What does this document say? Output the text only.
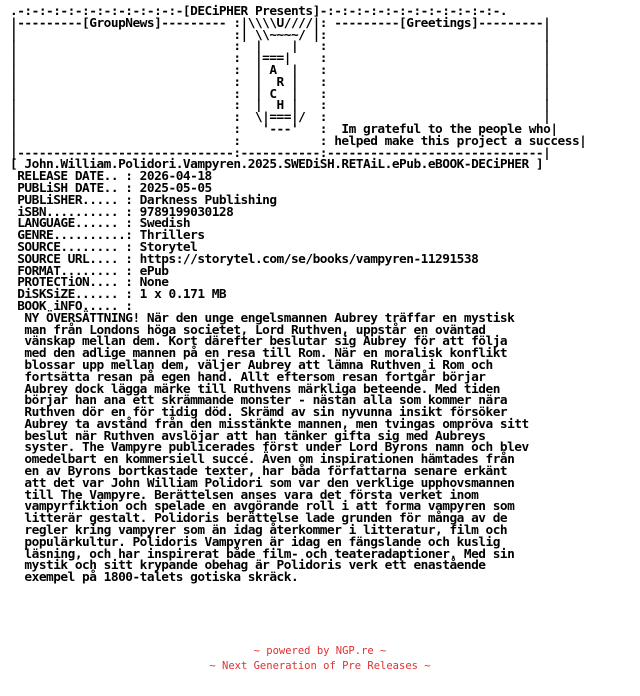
.-:-:-:-:-:-:-:-:-:-:-:-[DECiPHER Presents]-:-:-:-:-:-:-:-:-:-:-:-:-.
|---------[GroupNews]--------- :|\\\\U////|: ---------[Greetings]---------|
|                              :| \\~~~~/ |:                              |
|                              :  |    |   :                              |
|                              :  |===|    :                              |
|                              :  | A  |   :                              |
|                              :  |  R |   :                              |
|                              :  | C  |   :                              |
|                              :  |  H |   :                              |
|                              :  \|===|/  :                              |
|                              :   '---'   :  Im grateful to the people who|
|                              :           : helped make this project a success|
|------------------------------:-----------:------------------------------|
[ John.William.Polidori.Vampyren.2025.SWEDiSH.RETAiL.ePub.eBOOK-DECiPHER ]
RELEASE DATE.. : 2026-04-18
PUBLiSH DATE.. : 2025-05-05
PUBLiSHER..... : Darkness Publishing
iSBN.......... : 9789199030128
LANGUAGE...... : Swedish
GENRE..........: Thrillers
SOURCE........ : Storytel
SOURCE URL.... : https://storytel.com/se/books/vampyren-11291538
FORMAT........ : ePub
PROTECTiON.... : None
DiSKSiZE...... : 1 x 0.171 MB
BOOK iNFO..... :
NY ÖVERSÄTTNING! När den unge engelsmannen Aubrey träffar en mystisk
man från Londons höga societet, Lord Ruthven, uppstår en oväntad
vänskap mellan dem. Kort därefter beslutar sig Aubrey för att följa
med den adlige mannen på en resa till Rom. När en moralisk konflikt
blossar upp mellan dem, väljer Aubrey att lämna Ruthven i Rom och
fortsätta resan på egen hand. Allt eftersom resan fortgår börjar
Aubrey dock lägga märke till Ruthvens märkliga beteende. Med tiden
börjar han ana ett skrämmande monster - nästan alla som kommer nära
Ruthven dör en för tidig död. Skrämd av sin nyvunna insikt försöker
Aubrey ta avstånd från den misstänkte mannen, men tvingas ompröva sitt
beslut när Ruthven avslöjar att han tänker gifta sig med Aubreys
syster. The Vampyre publicerades först under Lord Byrons namn och blev
omedelbart en kommersiell succé. Även om inspirationen hämtades från
en av Byrons bortkastade texter, har båda författarna senare erkänt
att det var John William Polidori som var den verklige upphovsmannen
till The Vampyre. Berättelsen anses vara det första verket inom
vampyrfiktion och spelade en avgörande roll i att forma vampyren som
litterär gestalt. Polidoris berättelse lade grunden för många av de
regler kring vampyrer som än idag återkommer i litteratur, film och
populärkultur. Polidoris Vampyren är idag en fängslande och kuslig
läsning, och har inspirerat både film- och teateradaptioner. Med sin
mystik och sitt krypande obehag är Polidoris verk ett enastående
exempel på 1800-talets gotiska skräck.
~ powered by NGP.re ~
~ Next Generation of Pre Releases ~
